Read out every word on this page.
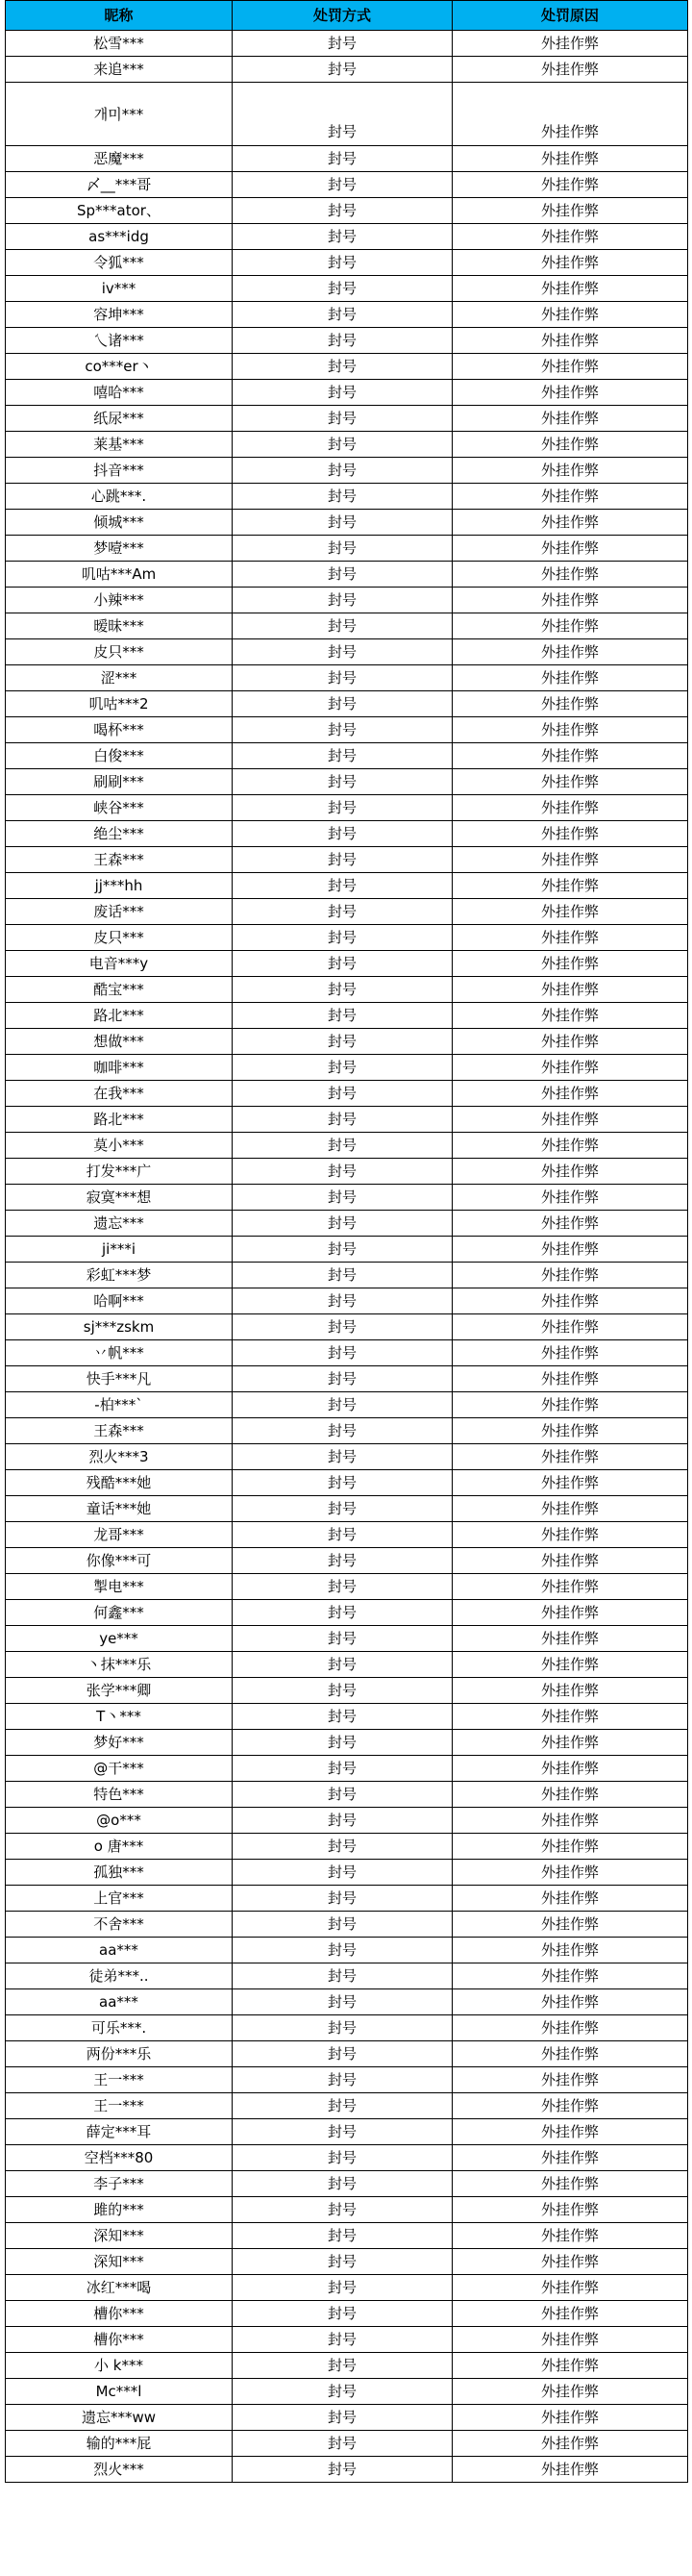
昵称	处罚方式	处罚原因
松雪***	封号	外挂作弊
来追***	封号	外挂作弊
개미***	封号	外挂作弊
恶魔***	封号	外挂作弊
〆__***哥	封号	外挂作弊
Sp***ator、	封号	外挂作弊
as***idg	封号	外挂作弊
令狐***	封号	外挂作弊
iv***	封号	外挂作弊
容坤***	封号	外挂作弊
乀诸***	封号	外挂作弊
co***er丶	封号	外挂作弊
嘻哈***	封号	外挂作弊
纸尿***	封号	外挂作弊
莱基***	封号	外挂作弊
抖音***	封号	外挂作弊
心跳***.	封号	外挂作弊
倾城***	封号	外挂作弊
梦噎***	封号	外挂作弊
叽咕***Am	封号	外挂作弊
小辣***	封号	外挂作弊
暧昧***	封号	外挂作弊
皮只***	封号	外挂作弊
涩***	封号	外挂作弊
叽咕***2	封号	外挂作弊
喝杯***	封号	外挂作弊
白俊***	封号	外挂作弊
刷刷***	封号	外挂作弊
峡谷***	封号	外挂作弊
绝尘***	封号	外挂作弊
王森***	封号	外挂作弊
jj***hh	封号	外挂作弊
废话***	封号	外挂作弊
皮只***	封号	外挂作弊
电音***y	封号	外挂作弊
酷宝***	封号	外挂作弊
路北***	封号	外挂作弊
想做***	封号	外挂作弊
咖啡***	封号	外挂作弊
在我***	封号	外挂作弊
路北***	封号	外挂作弊
莫小***	封号	外挂作弊
打发***广	封号	外挂作弊
寂寞***想	封号	外挂作弊
遗忘***	封号	外挂作弊
ji***i	封号	外挂作弊
彩虹***梦	封号	外挂作弊
哈啊***	封号	外挂作弊
sj***zskm	封号	外挂作弊
丷帆***	封号	外挂作弊
快手***凡	封号	外挂作弊
-柏***`	封号	外挂作弊
王森***	封号	外挂作弊
烈火***3	封号	外挂作弊
残酷***她	封号	外挂作弊
童话***她	封号	外挂作弊
龙哥***	封号	外挂作弊
你像***可	封号	外挂作弊
掣电***	封号	外挂作弊
何鑫***	封号	外挂作弊
ye***	封号	外挂作弊
丶抹***乐	封号	外挂作弊
张学***卿	封号	外挂作弊
T丶***	封号	外挂作弊
梦好***	封号	外挂作弊
@干***	封号	外挂作弊
特色***	封号	外挂作弊
@o***	封号	外挂作弊
o 唐***	封号	外挂作弊
孤独***	封号	外挂作弊
上官***	封号	外挂作弊
不舍***	封号	外挂作弊
aa***	封号	外挂作弊
徒弟***..	封号	外挂作弊
aa***	封号	外挂作弊
可乐***.	封号	外挂作弊
两份***乐	封号	外挂作弊
王一***	封号	外挂作弊
王一***	封号	外挂作弊
薛定***耳	封号	外挂作弊
空档***80	封号	外挂作弊
李子***	封号	外挂作弊
雎的***	封号	外挂作弊
深知***	封号	外挂作弊
深知***	封号	外挂作弊
冰红***喝	封号	外挂作弊
槽你***	封号	外挂作弊
槽你***	封号	外挂作弊
小 k***	封号	外挂作弊
Mc***l	封号	外挂作弊
遗忘***ww	封号	外挂作弊
输的***屁	封号	外挂作弊
烈火***	封号	外挂作弊
